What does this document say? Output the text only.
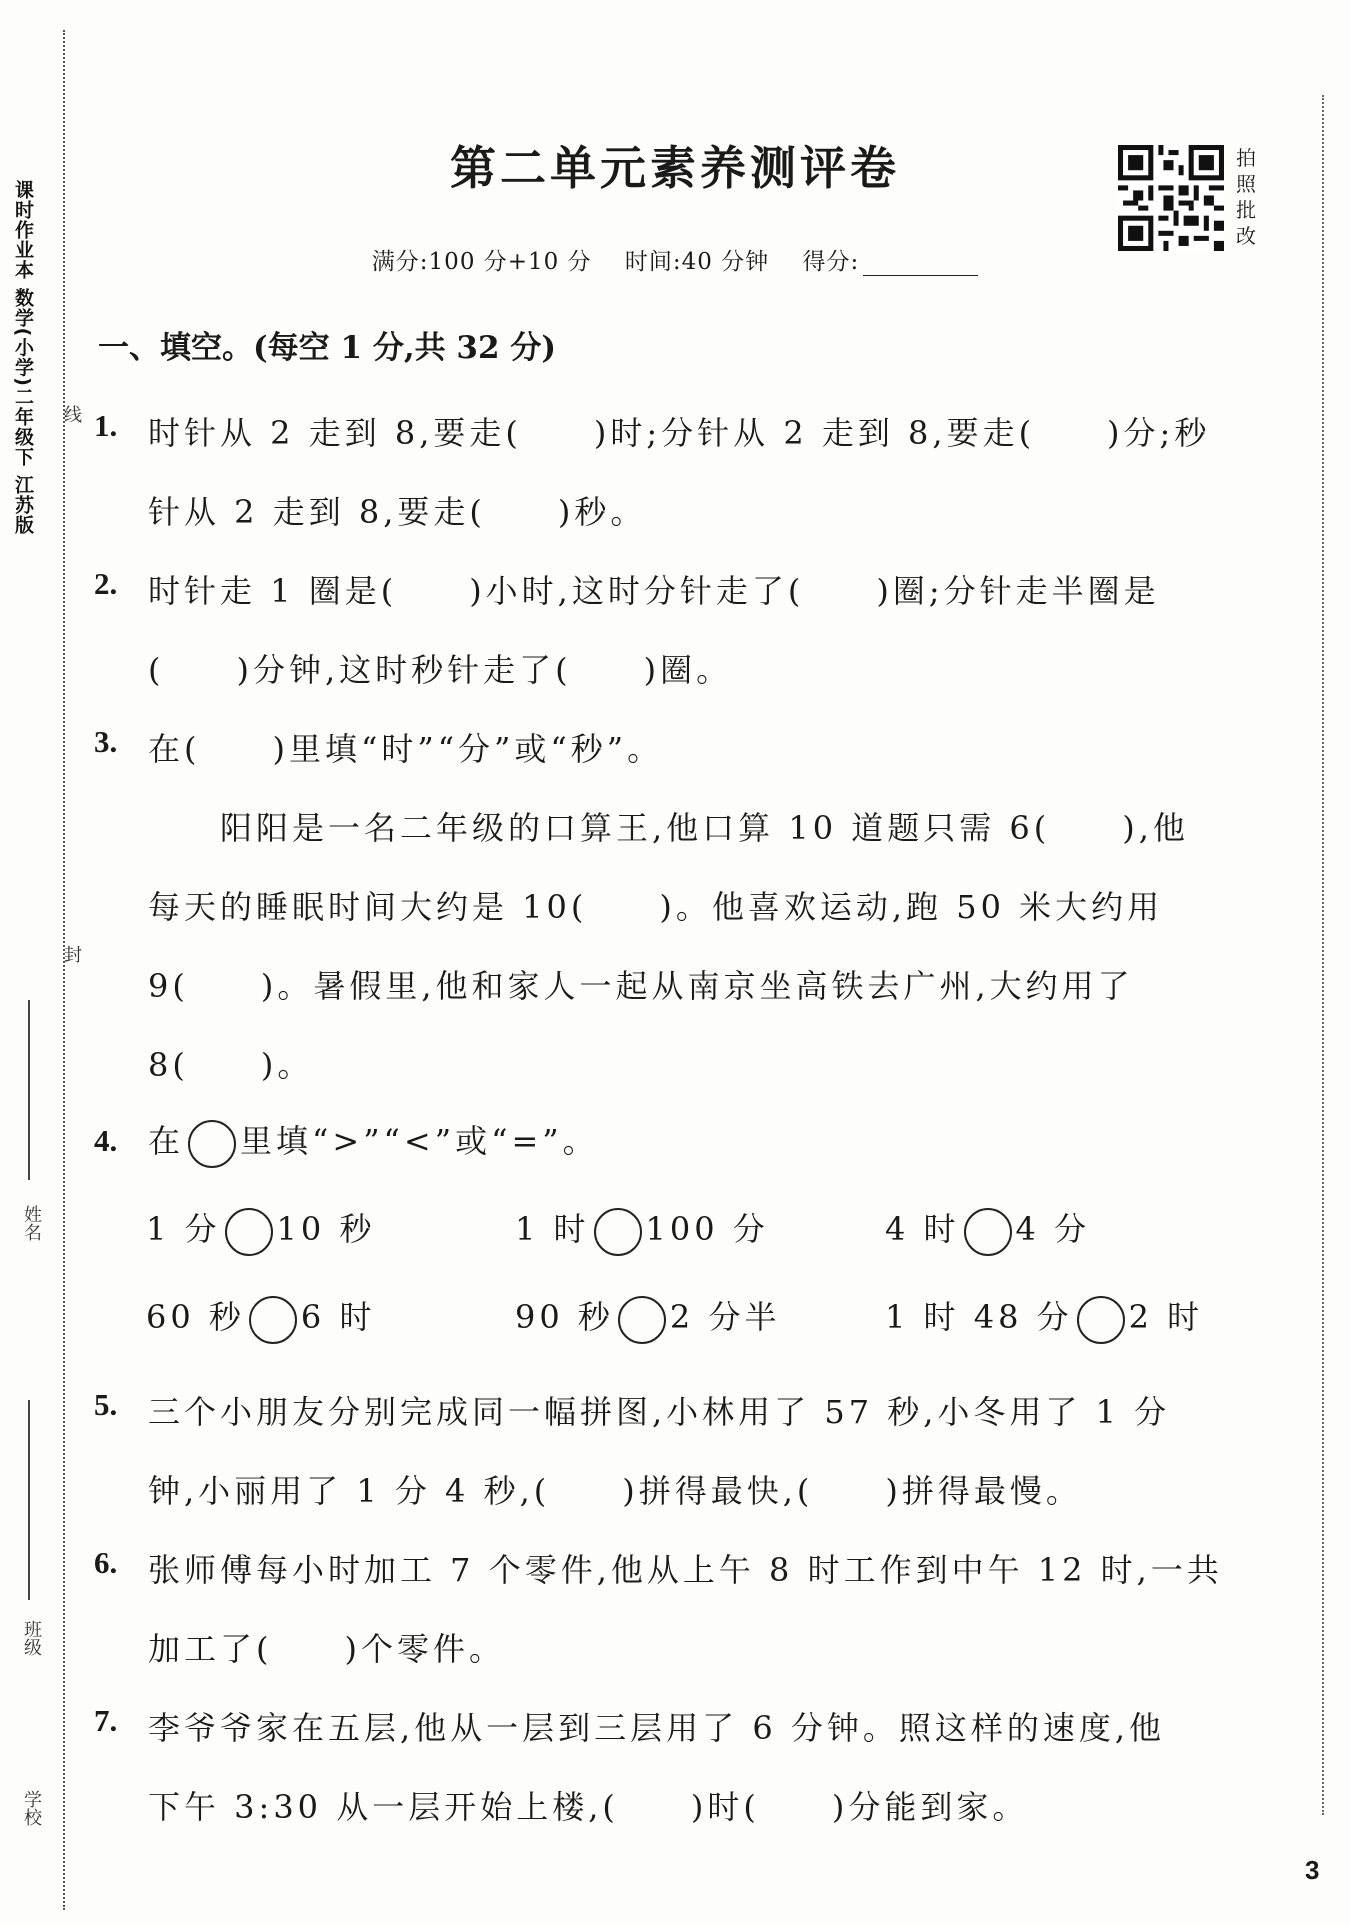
课时作业本 数学(小学)二年级下 江苏版 线
封
姓名
班级
学校
第二单元素养测评卷	拍
照
批
改
满分:100 分+10 分 时间:40 分钟 得分:
一、填空。(每空 1 分,共 32 分)
1. 时针从 2 走到 8,要走(　　)时;分针从 2 走到 8,要走(　　)分;秒
针从 2 走到 8,要走(　　)秒。
2. 时针走 1 圈是(　　)小时,这时分针走了(　　)圈;分针走半圈是
(　　)分钟,这时秒针走了(　　)圈。
3. 在(　　)里填“时”“分”或“秒”。
　　阳阳是一名二年级的口算王,他口算 10 道题只需 6(　　),他
每天的睡眠时间大约是 10(　　)。他喜欢运动,跑 50 米大约用
9(　　)。暑假里,他和家人一起从南京坐高铁去广州,大约用了
8(　　)。
4. 在 里填“>”“<”或“=”。
1 分 10 秒	1 时 100 分	4 时 4 分
60 秒 6 时	90 秒 2 分半	1 时 48 分 2 时
5. 三个小朋友分别完成同一幅拼图,小林用了 57 秒,小冬用了 1 分
钟,小丽用了 1 分 4 秒,(　　)拼得最快,(　　)拼得最慢。
6. 张师傅每小时加工 7 个零件,他从上午 8 时工作到中午 12 时,一共
加工了(　　)个零件。
7. 李爷爷家在五层,他从一层到三层用了 6 分钟。照这样的速度,他
下午 3:30 从一层开始上楼,(　　)时(　　)分能到家。
3
